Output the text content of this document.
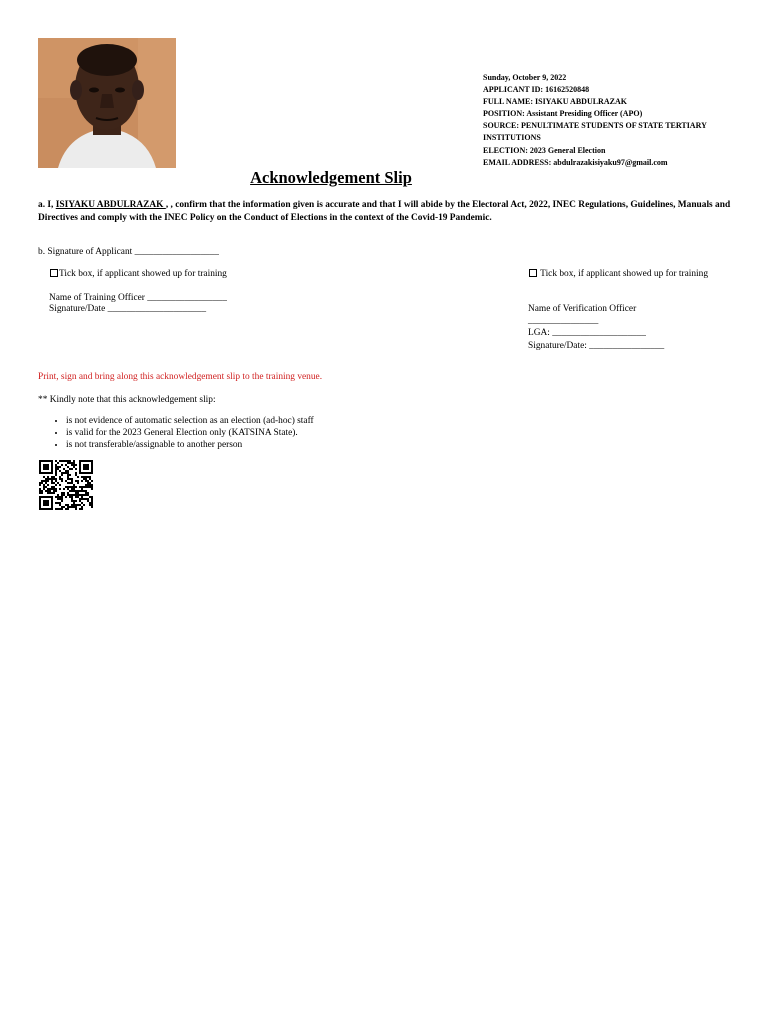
Sunday, October 9, 2022
APPLICANT ID: 16162520848
FULL NAME: ISIYAKU ABDULRAZAK
POSITION: Assistant Presiding Officer (APO)
SOURCE: PENULTIMATE STUDENTS OF STATE TERTIARY INSTITUTIONS
ELECTION: 2023 General Election
EMAIL ADDRESS: abdulrazakisiyaku97@gmail.com
Acknowledgement Slip
a. I, ISIYAKU ABDULRAZAK , , confirm that the information given is accurate and that I will abide by the Electoral Act, 2022, INEC Regulations, Guidelines, Manuals and Directives and comply with the INEC Policy on the Conduct of Elections in the context of the Covid-19 Pandemic.
b. Signature of Applicant __________________
Tick box, if applicant showed up for training
Name of Training Officer _________________
Signature/Date _____________________
Tick box, if applicant showed up for training
Name of Verification Officer
_______________
LGA: ____________________
Signature/Date: ________________
Print, sign and bring along this acknowledgement slip to the training venue.
** Kindly note that this acknowledgement slip:
• is not evidence of automatic selection as an election (ad-hoc) staff
• is valid for the 2023 General Election only (KATSINA State).
• is not transferable/assignable to another person
